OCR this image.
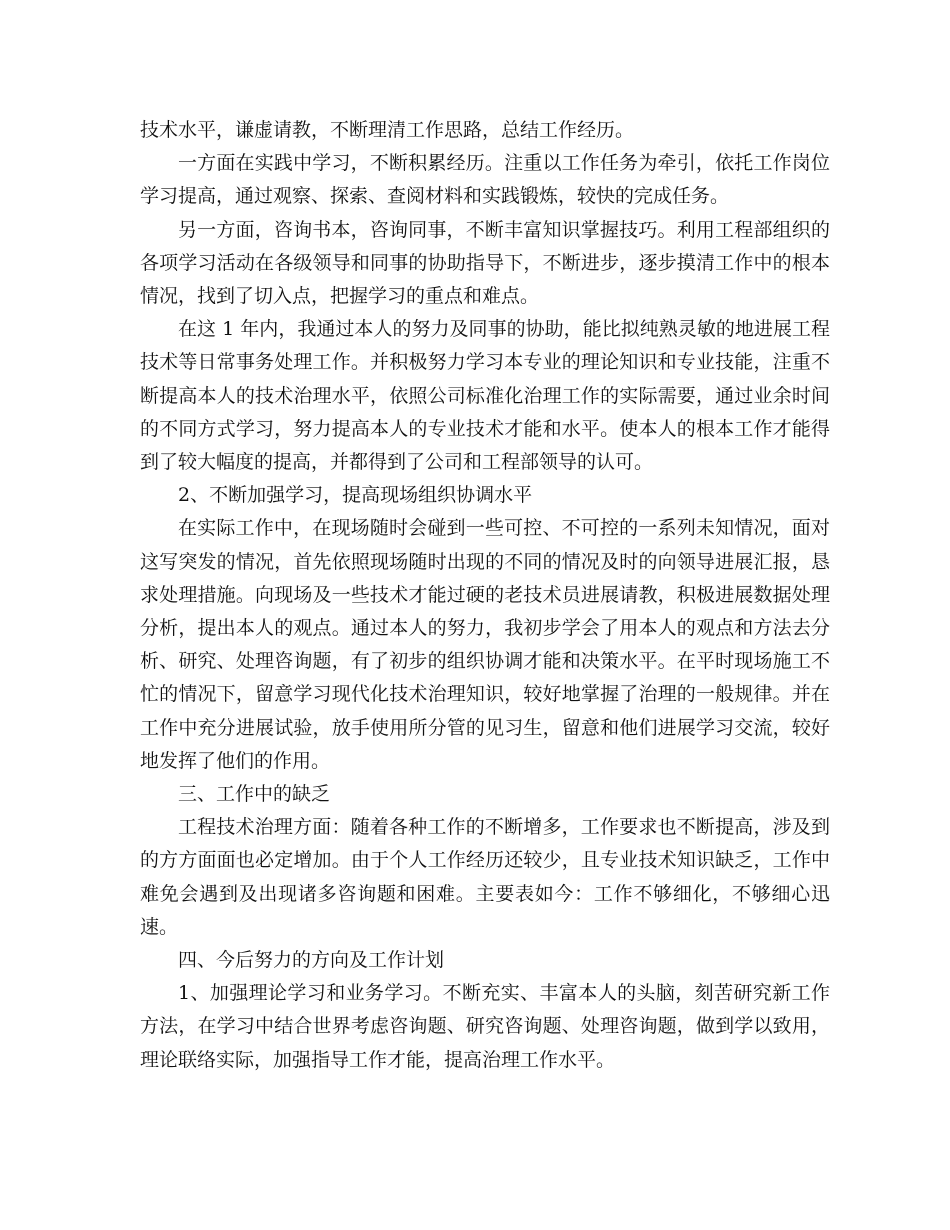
技术水平，谦虚请教，不断理清工作思路，总结工作经历。

一方面在实践中学习，不断积累经历。注重以工作任务为牵引，依托工作岗位学习提高，通过观察、探索、查阅材料和实践锻炼，较快的完成任务。

另一方面，咨询书本，咨询同事，不断丰富知识掌握技巧。利用工程部组织的各项学习活动在各级领导和同事的协助指导下，不断进步，逐步摸清工作中的根本情况，找到了切入点，把握学习的重点和难点。

在这 1 年内，我通过本人的努力及同事的协助，能比拟纯熟灵敏的地进展工程技术等日常事务处理工作。并积极努力学习本专业的理论知识和专业技能，注重不断提高本人的技术治理水平，依照公司标准化治理工作的实际需要，通过业余时间的不同方式学习，努力提高本人的专业技术才能和水平。使本人的根本工作才能得到了较大幅度的提高，并都得到了公司和工程部领导的认可。

2、不断加强学习，提高现场组织协调水平

在实际工作中，在现场随时会碰到一些可控、不可控的一系列未知情况，面对这写突发的情况，首先依照现场随时出现的不同的情况及时的向领导进展汇报，恳求处理措施。向现场及一些技术才能过硬的老技术员进展请教，积极进展数据处理分析，提出本人的观点。通过本人的努力，我初步学会了用本人的观点和方法去分析、研究、处理咨询题，有了初步的组织协调才能和决策水平。在平时现场施工不忙的情况下，留意学习现代化技术治理知识，较好地掌握了治理的一般规律。并在工作中充分进展试验，放手使用所分管的见习生，留意和他们进展学习交流，较好地发挥了他们的作用。

三、工作中的缺乏

工程技术治理方面：随着各种工作的不断增多，工作要求也不断提高，涉及到的方方面面也必定增加。由于个人工作经历还较少，且专业技术知识缺乏，工作中难免会遇到及出现诸多咨询题和困难。主要表如今：工作不够细化，不够细心迅速。

四、今后努力的方向及工作计划

1、加强理论学习和业务学习。不断充实、丰富本人的头脑，刻苦研究新工作方法，在学习中结合世界考虑咨询题、研究咨询题、处理咨询题，做到学以致用，理论联络实际，加强指导工作才能，提高治理工作水平。
